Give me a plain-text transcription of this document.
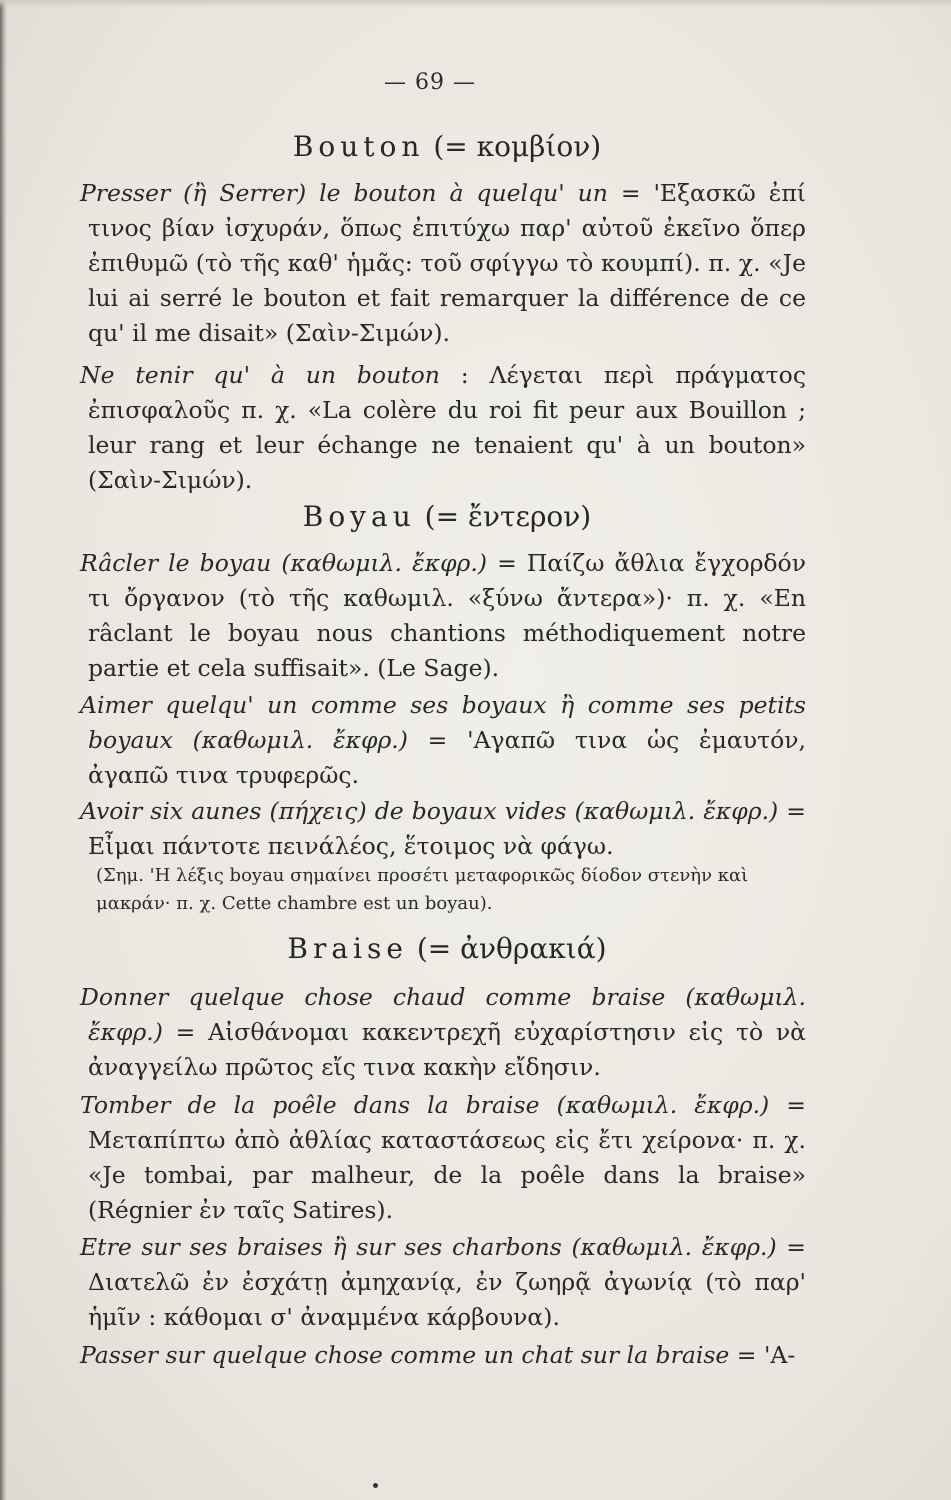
— 69 —
Bouton (= κομβίον)
Presser (ἢ Serrer) le bouton à quelqu' un = 'Εξασκῶ ἐπί τινος βίαν ἰσχυράν, ὅπως ἐπιτύχω παρ' αὐτοῦ ἐκεῖνο ὅπερ ἐπιθυμῶ (τὸ τῆς καθ' ἡμᾶς: τοῦ σφίγγω τὸ κουμπί). π. χ. «Je lui ai serré le bouton et fait remarquer la différence de ce qu' il me disait» (Σαὶν-Σιμών).
Ne tenir qu' à un bouton : Λέγεται περὶ πράγματος ἐπισφαλοῦς π. χ. «La colère du roi fit peur aux Bouillon ; leur rang et leur échange ne tenaient qu' à un bouton» (Σαὶν-Σιμών).
Boyau (= ἔντερον)
Râcler le boyau (καθωμιλ. ἔκφρ.) = Παίζω ἄθλια ἔγχορδόν τι ὄργανον (τὸ τῆς καθωμιλ. «ξύνω ἄντερα»)· π. χ. «En râclant le boyau nous chantions méthodiquement notre partie et cela suffisait». (Le Sage).
Aimer quelqu' un comme ses boyaux ἢ comme ses petits boyaux (καθωμιλ. ἔκφρ.) = 'Αγαπῶ τινα ὡς ἐμαυτόν, ἀγαπῶ τινα τρυφερῶς.
Avoir six aunes (πήχεις) de boyaux vides (καθωμιλ. ἔκφρ.) = Εἶμαι πάντοτε πεινάλέος, ἕτοιμος νὰ φάγω.
(Σημ. 'Η λέξις boyau σημαίνει προσέτι μεταφορικῶς δίοδον στενὴν καὶ μακράν· π. χ. Cette chambre est un boyau).
Braise (= ἀνθρακιά)
Donner quelque chose chaud comme braise (καθωμιλ. ἔκφρ.) = Αἰσθάνομαι κακεντρεχῆ εὐχαρίστησιν εἰς τὸ νὰ ἀναγγείλω πρῶτος εἴς τινα κακὴν εἴδησιν.
Tomber de la poêle dans la braise (καθωμιλ. ἔκφρ.) = Μεταπίπτω ἀπὸ ἀθλίας καταστάσεως εἰς ἔτι χείρονα· π. χ. «Je tombai, par malheur, de la poêle dans la braise» (Régnier ἐν ταῖς Satires).
Etre sur ses braises ἢ sur ses charbons (καθωμιλ. ἔκφρ.) = Διατελῶ ἐν ἐσχάτῃ ἀμηχανίᾳ, ἐν ζωηρᾷ ἀγωνίᾳ (τὸ παρ' ἡμῖν : κάθομαι σ' ἀναμμένα κάρβουνα).
Passer sur quelque chose comme un chat sur la braise = 'Α-
